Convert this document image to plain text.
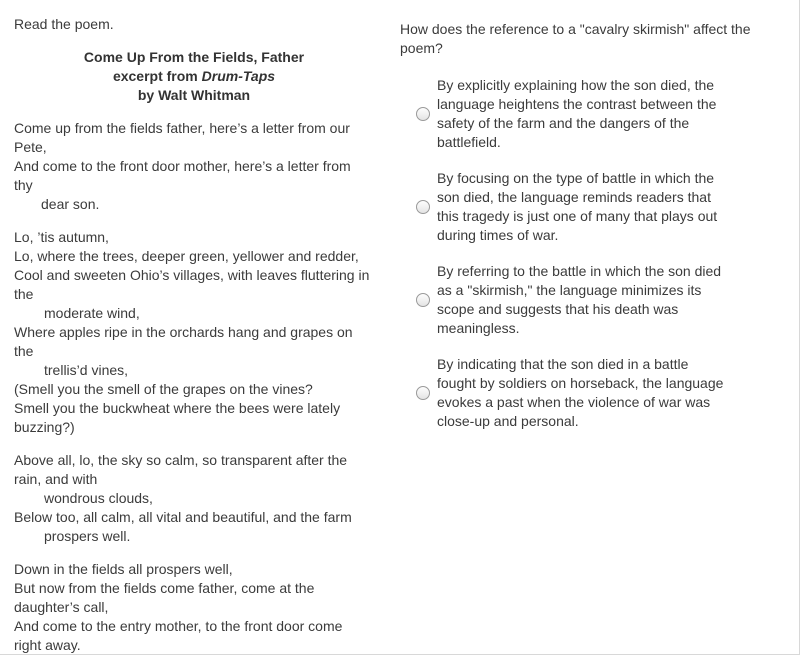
Read the poem.

Come Up From the Fields, Father
excerpt from Drum-Taps
by Walt Whitman
Come up from the fields father, here’s a letter from our
Pete,
And come to the front door mother, here’s a letter from
thy
dear son.
Lo, ’tis autumn,
Lo, where the trees, deeper green, yellower and redder,
Cool and sweeten Ohio’s villages, with leaves fluttering in
the
moderate wind,
Where apples ripe in the orchards hang and grapes on
the
trellis’d vines,
(Smell you the smell of the grapes on the vines?
Smell you the buckwheat where the bees were lately
buzzing?)
Above all, lo, the sky so calm, so transparent after the
rain, and with
wondrous clouds,
Below too, all calm, all vital and beautiful, and the farm
prospers well.
Down in the fields all prospers well,
But now from the fields come father, come at the
daughter’s call,
And come to the entry mother, to the front door come
right away.

How does the reference to a "cavalry skirmish" affect the poem?

By explicitly explaining how the son died, the language heightens the contrast between the safety of the farm and the dangers of the battlefield.
By focusing on the type of battle in which the son died, the language reminds readers that this tragedy is just one of many that plays out during times of war.
By referring to the battle in which the son died as a "skirmish," the language minimizes its scope and suggests that his death was meaningless.
By indicating that the son died in a battle fought by soldiers on horseback, the language evokes a past when the violence of war was close-up and personal.
